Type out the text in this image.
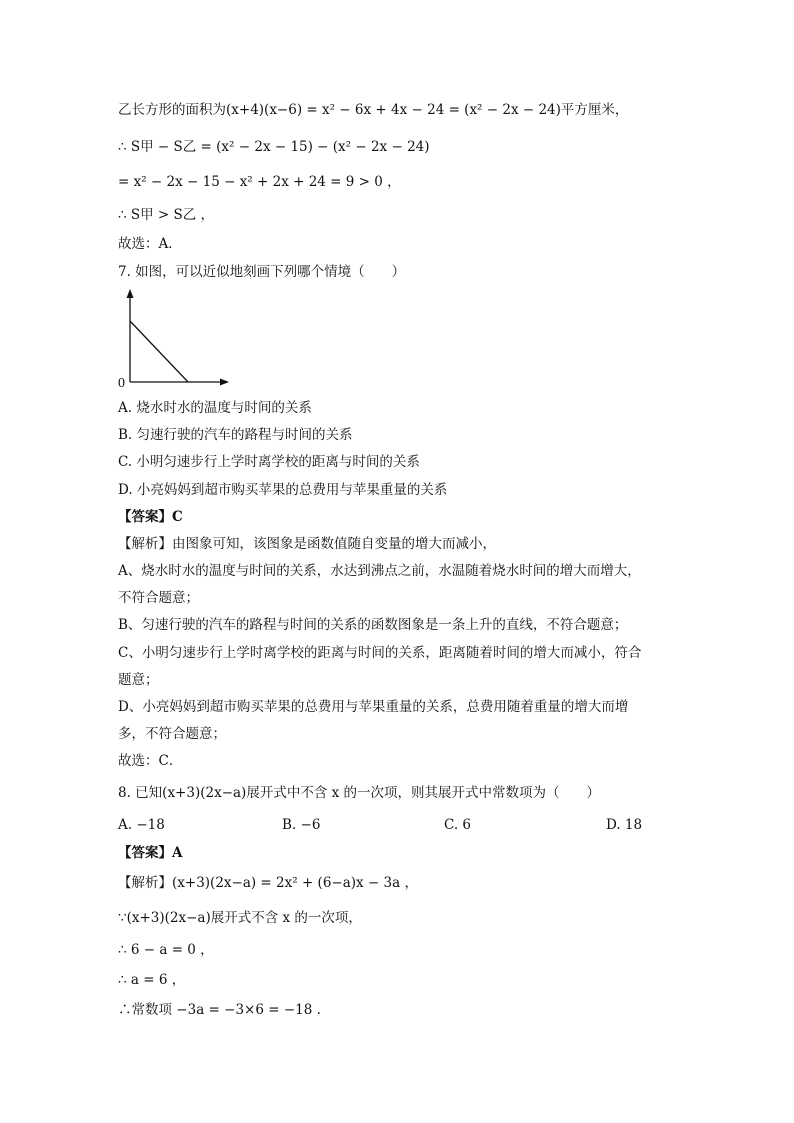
乙长方形的面积为(x+4)(x−6) = x² − 6x + 4x − 24 = (x² − 2x − 24)平方厘米，
∴ S甲 − S乙 = (x² − 2x − 15) − (x² − 2x − 24)
= x² − 2x − 15 − x² + 2x + 24 = 9 > 0 ，
∴ S甲 > S乙 ，
故选：A．
7. 如图，可以近似地刻画下列哪个情境（　　）
0
A. 烧水时水的温度与时间的关系
B. 匀速行驶的汽车的路程与时间的关系
C. 小明匀速步行上学时离学校的距离与时间的关系
D. 小亮妈妈到超市购买苹果的总费用与苹果重量的关系
【答案】C
【解析】由图象可知，该图象是函数值随自变量的增大而减小，
A、烧水时水的温度与时间的关系，水达到沸点之前，水温随着烧水时间的增大而增大，
不符合题意；
B、匀速行驶的汽车的路程与时间的关系的函数图象是一条上升的直线，不符合题意；
C、小明匀速步行上学时离学校的距离与时间的关系，距离随着时间的增大而减小，符合
题意；
D、小亮妈妈到超市购买苹果的总费用与苹果重量的关系，总费用随着重量的增大而增
多，不符合题意；
故选：C．
8. 已知(x+3)(2x−a)展开式中不含 x 的一次项，则其展开式中常数项为（　　）
A. −18	B. −6	C. 6	D. 18
【答案】A
【解析】(x+3)(2x−a) = 2x² + (6−a)x − 3a ，
∵(x+3)(2x−a)展开式不含 x 的一次项，
∴ 6 − a = 0 ，
∴ a = 6 ，
∴常数项 −3a = −3×6 = −18 .
